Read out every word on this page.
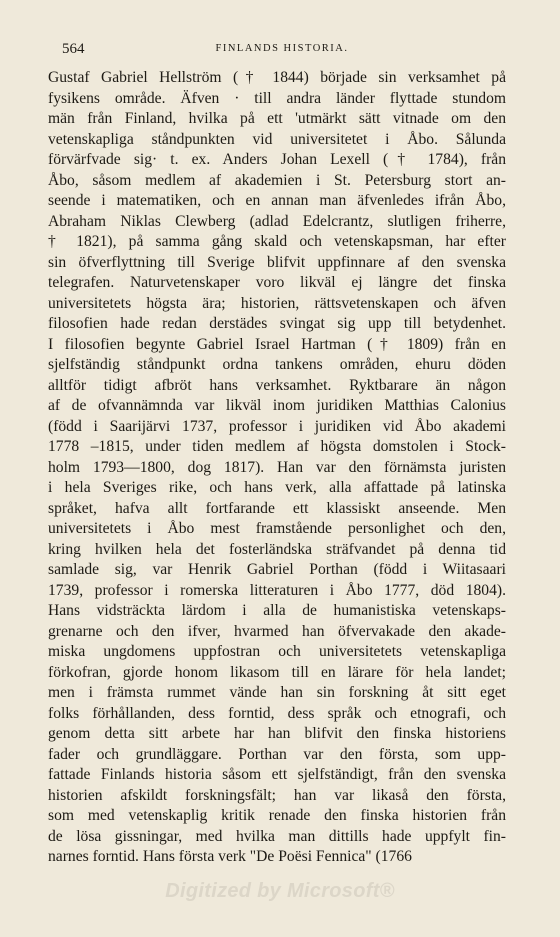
564	FINLANDS HISTORIA.
Gustaf Gabriel Hellström († 1844) började sin verksamhet på
fysikens område. Äfven · till andra länder flyttade stundom
män från Finland, hvilka på ett 'utmärkt sätt vitnade om den
vetenskapliga ståndpunkten vid universitetet i Åbo. Sålunda
förvärfvade sig· t. ex. Anders Johan Lexell († 1784), från
Åbo, såsom medlem af akademien i St. Petersburg stort an-
seende i matematiken, och en annan man äfvenledes ifrån Åbo,
Abraham Niklas Clewberg (adlad Edelcrantz, slutligen friherre,
† 1821), på samma gång skald och vetenskapsman, har efter
sin öfverflyttning till Sverige blifvit uppfinnare af den svenska
telegrafen. Naturvetenskaper voro likväl ej längre det finska
universitetets högsta ära; historien, rättsvetenskapen och äfven
filosofien hade redan derstädes svingat sig upp till betydenhet.
I filosofien begynte Gabriel Israel Hartman († 1809) från en
sjelfständig ståndpunkt ordna tankens områden, ehuru döden
alltför tidigt afbröt hans verksamhet. Ryktbarare än någon
af de ofvannämnda var likväl inom juridiken Matthias Calonius
(född i Saarijärvi 1737, professor i juridiken vid Åbo akademi
1778 –1815, under tiden medlem af högsta domstolen i Stock-
holm 1793—1800, dog 1817). Han var den förnämsta juristen
i hela Sveriges rike, och hans verk, alla affattade på latinska
språket, hafva allt fortfarande ett klassiskt anseende. Men
universitetets i Åbo mest framstående personlighet och den,
kring hvilken hela det fosterländska sträfvandet på denna tid
samlade sig, var Henrik Gabriel Porthan (född i Wiitasaari
1739, professor i romerska litteraturen i Åbo 1777, död 1804).
Hans vidsträckta lärdom i alla de humanistiska vetenskaps-
grenarne och den ifver, hvarmed han öfvervakade den akade-
miska ungdomens uppfostran och universitetets vetenskapliga
förkofran, gjorde honom likasom till en lärare för hela landet;
men i främsta rummet vände han sin forskning åt sitt eget
folks förhållanden, dess forntid, dess språk och etnografi, och
genom detta sitt arbete har han blifvit den finska historiens
fader och grundläggare. Porthan var den första, som upp-
fattade Finlands historia såsom ett sjelfständigt, från den svenska
historien afskildt forskningsfält; han var likaså den första,
som med vetenskaplig kritik renade den finska historien från
de lösa gissningar, med hvilka man dittills hade uppfylt fin-
narnes forntid. Hans första verk "De Poësi Fennica" (1766
Digitized by Microsoft®
